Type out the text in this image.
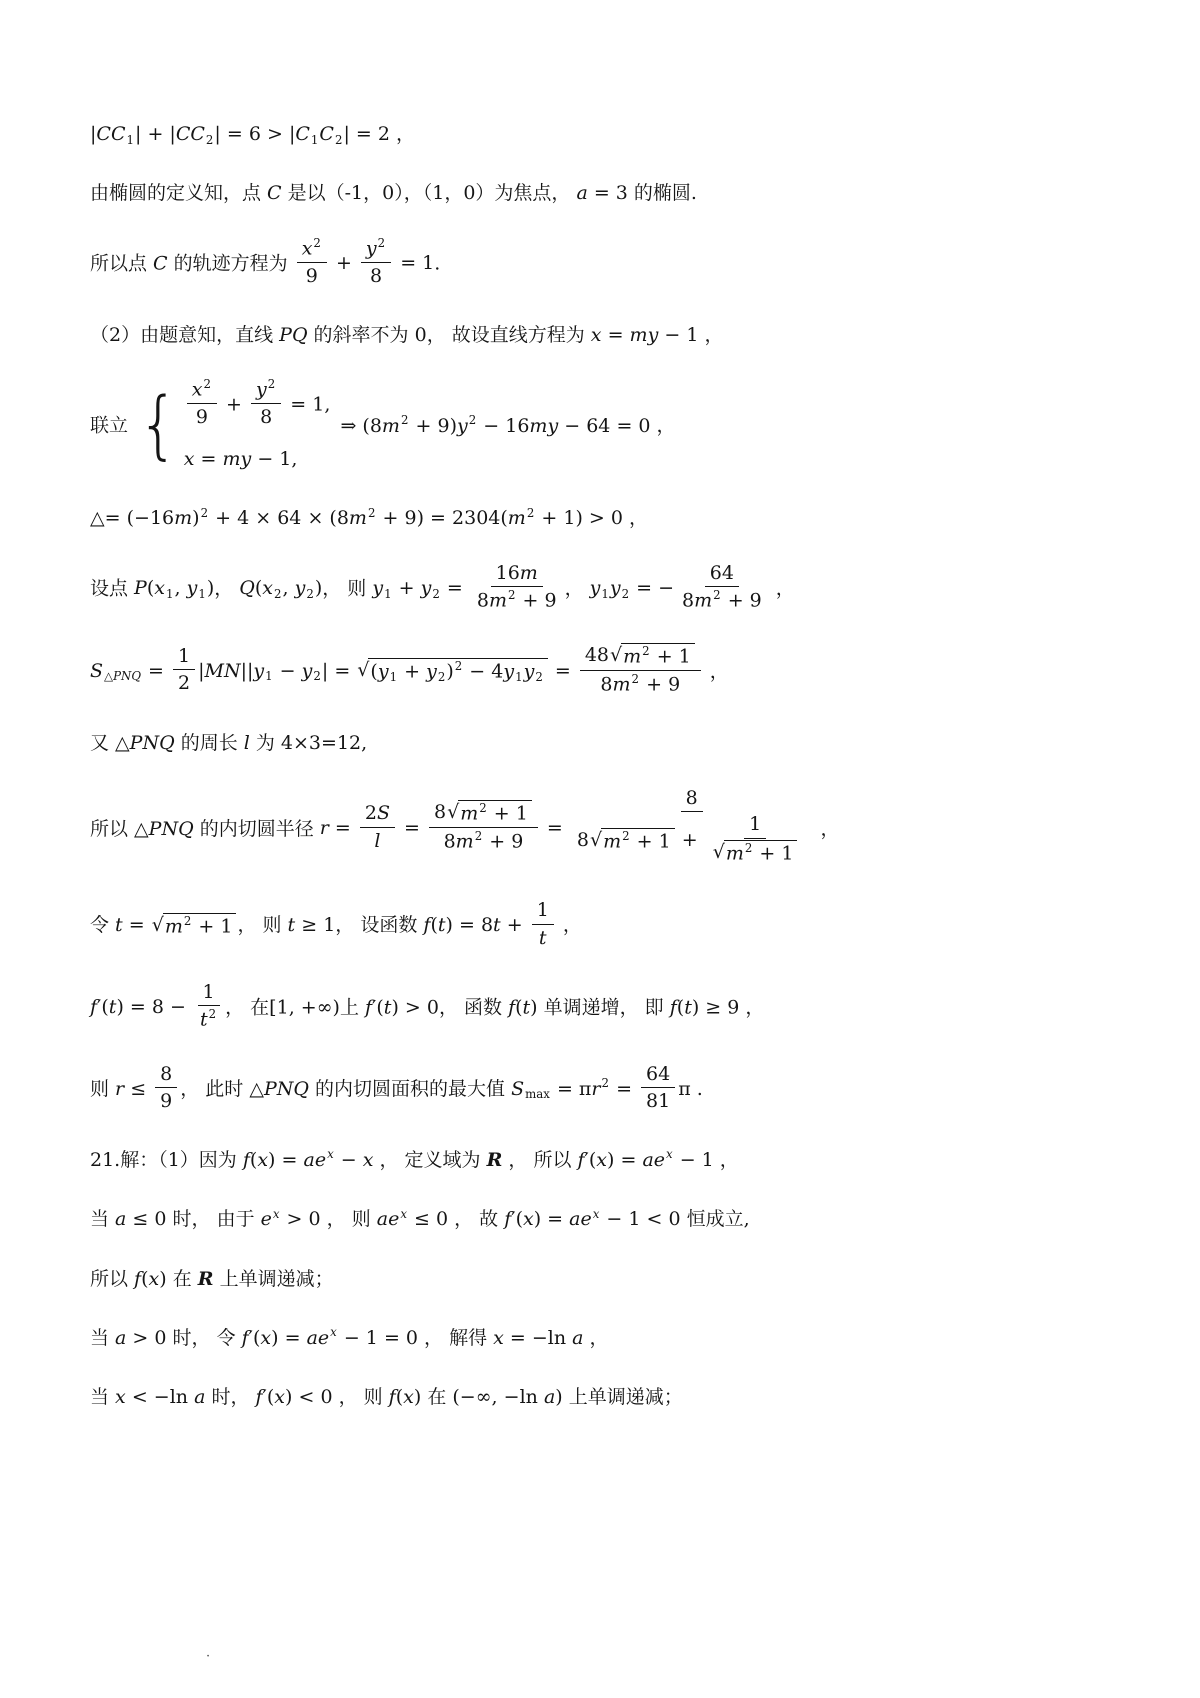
|CC1| + |CC2| = 6 > |C1C2| = 2 ，

由椭圆的定义知，点 C 是以（-1，0），（1，0）为焦点， a = 3 的椭圆.

所以点 C 的轨迹方程为 $\frac{x^2}{9} + \frac{y^2}{8} = 1$.

（2）由题意知，直线 PQ 的斜率不为 0， 故设直线方程为 x = my − 1 ，

联立 { $\frac{x^2}{9} + \frac{y^2}{8} = 1$,
x = my − 1,
⇒ $(8m^2 + 9)y^2 - 16my - 64 = 0$ ，

△= $(-16m)^2 + 4 \times 64 \times (8m^2 + 9) = 2304(m^2 + 1) > 0$ ，

设点 P(x1, y1)， Q(x2, y2)， 则 $y1 + y2 = \frac{16m}{8m^2 + 9}$ ， y1y2 = − $\frac{64}{8m^2 + 9}$ ，

S△PNQ = $\frac{1}{2} |MN||y1 - y2|$ = √ $(y1 + y2)^2 - 4y1y2 = \frac{48 √ m^2 + 1}{8m^2 + 9}$ ，

又 △PNQ 的周长 l 为 4×3=12,

所以 △PNQ 的内切圆半径 $r = \frac{2S}{l} = \frac{8 √ m^2 + 1}{8m^2 + 9} = \frac{8}{8 √ m^2 + 1 + \frac{1}{√ m^2 + 1}}$ ，

令 t = √ $m^2 + 1$ ， 则 t ≥ 1， 设函数 $f(t) = 8t + \frac{1}{t}$ ，

$f'(t) = 8 - \frac{1}{t^2}$ ， 在[1, +∞)上 f′(t) > 0， 函数 f(t) 单调递增， 即 f(t) ≥ 9 ，

则 $r \le \frac{8}{9}$ ， 此时 △PNQ 的内切圆面积的最大值 $Smax = \pi r^2 = \frac{64}{81}$ π .

21.解：（1）因为 $f(x) = ae^x - x$ ， 定义域为 R ， 所以 $f'(x) = ae^x - 1$ ，

当 a ≤ 0 时， 由于 $e^x > 0$ ， 则 $ae^x \le 0$ ， 故 $f'(x) = ae^x - 1 < 0$ 恒成立,

所以 f(x) 在 R 上单调递减；

当 a > 0 时， 令 $f'(x) = ae^x - 1 = 0$ ， 解得 x = −ln a ，

当 x < −ln a 时， f′(x) < 0 ， 则 f(x) 在 (−∞, −ln a) 上单调递减；

·
